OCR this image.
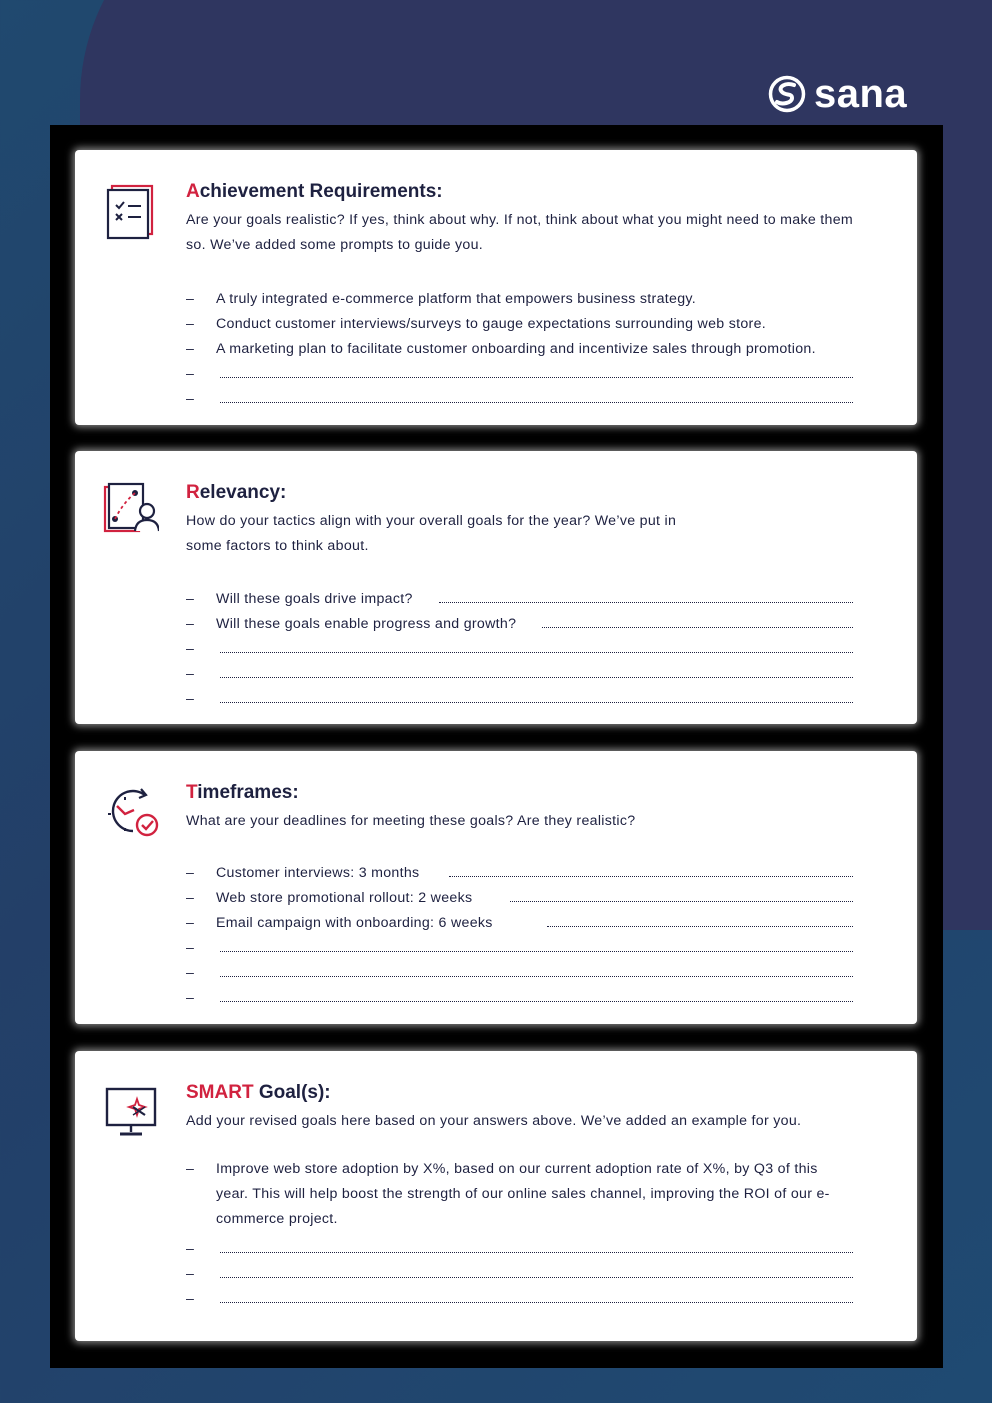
sana
Achievement Requirements:

Are your goals realistic? If yes, think about why. If not, think about what you might need to make them so. We’ve added some prompts to guide you.

–	A truly integrated e-commerce platform that empowers business strategy.
–	Conduct customer interviews/surveys to gauge expectations surrounding web store.
–	A marketing plan to facilitate customer onboarding and incentivize sales through promotion.
–
–
Relevancy:

How do your tactics align with your overall goals for the year? We’ve put in some factors to think about.

–	Will these goals drive impact?
–	Will these goals enable progress and growth?
–
–
–
Timeframes:

What are your deadlines for meeting these goals? Are they realistic?

–	Customer interviews: 3 months
–	Web store promotional rollout: 2 weeks
–	Email campaign with onboarding: 6 weeks
–
–
–
SMART Goal(s):

Add your revised goals here based on your answers above. We’ve added an example for you.

–	Improve web store adoption by X%, based on our current adoption rate of X%, by Q3 of this year. This will help boost the strength of our online sales channel, improving the ROI of our e-commerce project.
–
–
–
